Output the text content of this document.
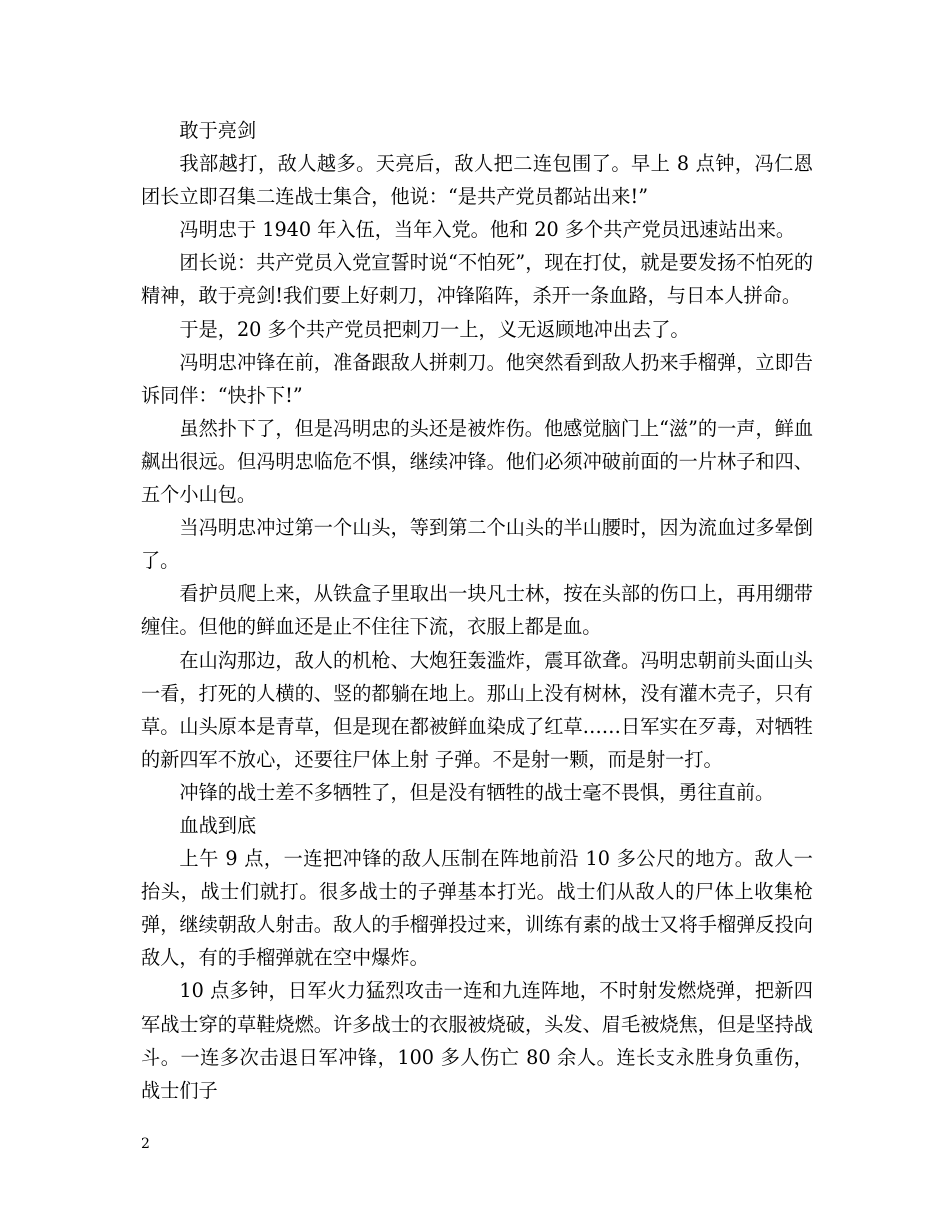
敢于亮剑

我部越打，敌人越多。天亮后，敌人把二连包围了。早上 8 点钟，冯仁恩团长立即召集二连战士集合，他说：“是共产党员都站出来!”

冯明忠于 1940 年入伍，当年入党。他和 20 多个共产党员迅速站出来。

团长说：共产党员入党宣誓时说“不怕死”，现在打仗，就是要发扬不怕死的精神，敢于亮剑!我们要上好刺刀，冲锋陷阵，杀开一条血路，与日本人拼命。

于是，20 多个共产党员把刺刀一上，义无返顾地冲出去了。

冯明忠冲锋在前，准备跟敌人拼刺刀。他突然看到敌人扔来手榴弹，立即告诉同伴：“快扑下!”

虽然扑下了，但是冯明忠的头还是被炸伤。他感觉脑门上“滋”的一声，鲜血飙出很远。但冯明忠临危不惧，继续冲锋。他们必须冲破前面的一片林子和四、五个小山包。

当冯明忠冲过第一个山头，等到第二个山头的半山腰时，因为流血过多晕倒了。

看护员爬上来，从铁盒子里取出一块凡士林，按在头部的伤口上，再用绷带缠住。但他的鲜血还是止不住往下流，衣服上都是血。

在山沟那边，敌人的机枪、大炮狂轰滥炸，震耳欲聋。冯明忠朝前头面山头一看，打死的人横的、竖的都躺在地上。那山上没有树林，没有灌木壳子，只有草。山头原本是青草，但是现在都被鲜血染成了红草……日军实在歹毒，对牺牲的新四军不放心，还要往尸体上射 子弹。不是射一颗，而是射一打。

冲锋的战士差不多牺牲了，但是没有牺牲的战士毫不畏惧，勇往直前。

血战到底

上午 9 点，一连把冲锋的敌人压制在阵地前沿 10 多公尺的地方。敌人一抬头，战士们就打。很多战士的子弹基本打光。战士们从敌人的尸体上收集枪弹，继续朝敌人射击。敌人的手榴弹投过来，训练有素的战士又将手榴弹反投向敌人，有的手榴弹就在空中爆炸。

10 点多钟，日军火力猛烈攻击一连和九连阵地，不时射发燃烧弹，把新四军战士穿的草鞋烧燃。许多战士的衣服被烧破，头发、眉毛被烧焦，但是坚持战斗。一连多次击退日军冲锋，100 多人伤亡 80 余人。连长支永胜身负重伤，战士们子

2
